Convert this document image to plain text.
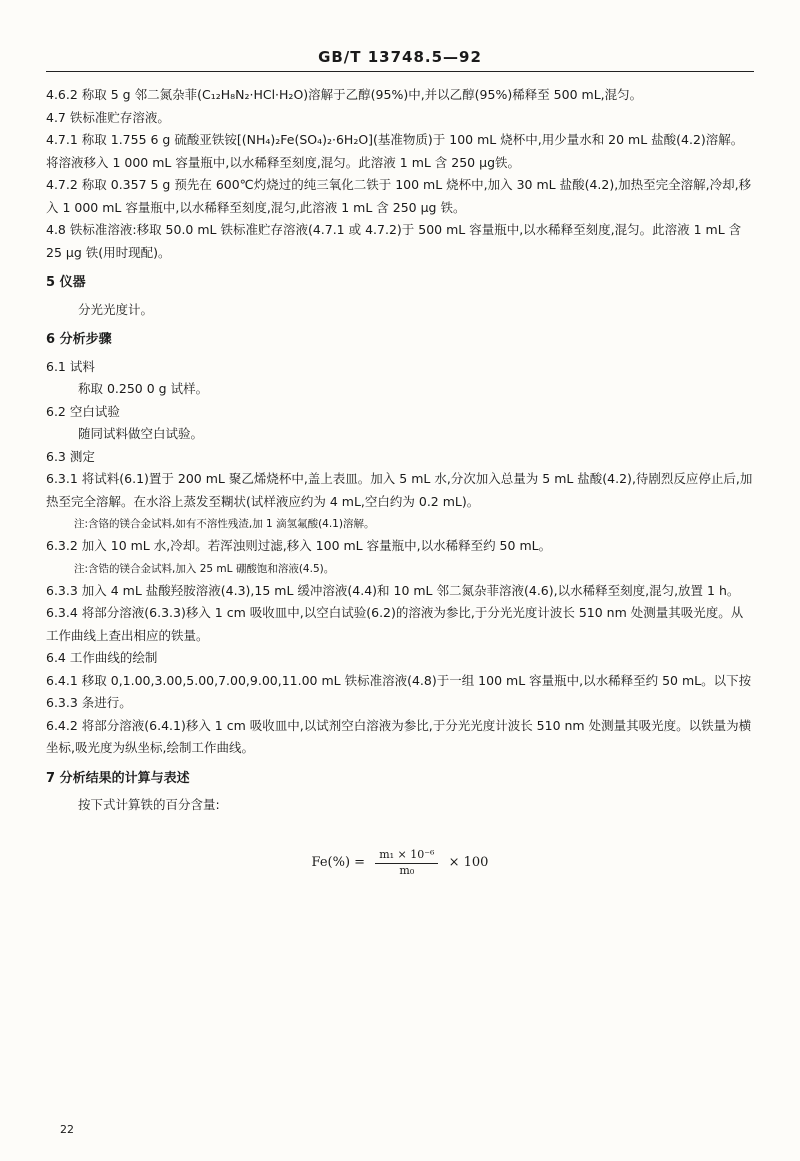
GB/T 13748.5—92

4.6.2 称取 5 g 邻二氮杂菲(C₁₂H₈N₂·HCl·H₂O)溶解于乙醇(95%)中,并以乙醇(95%)稀释至 500 mL,混匀。

4.7 铁标准贮存溶液。

4.7.1 称取 1.755 6 g 硫酸亚铁铵[(NH₄)₂Fe(SO₄)₂·6H₂O](基准物质)于 100 mL 烧杯中,用少量水和 20 mL 盐酸(4.2)溶解。将溶液移入 1 000 mL 容量瓶中,以水稀释至刻度,混匀。此溶液 1 mL 含 250 μg铁。

4.7.2 称取 0.357 5 g 预先在 600℃灼烧过的纯三氧化二铁于 100 mL 烧杯中,加入 30 mL 盐酸(4.2),加热至完全溶解,冷却,移入 1 000 mL 容量瓶中,以水稀释至刻度,混匀,此溶液 1 mL 含 250 μg 铁。

4.8 铁标准溶液:移取 50.0 mL 铁标准贮存溶液(4.7.1 或 4.7.2)于 500 mL 容量瓶中,以水稀释至刻度,混匀。此溶液 1 mL 含 25 μg 铁(用时现配)。

5 仪器

分光光度计。

6 分析步骤

6.1 试料

称取 0.250 0 g 试样。

6.2 空白试验

随同试料做空白试验。

6.3 测定

6.3.1 将试料(6.1)置于 200 mL 聚乙烯烧杯中,盖上表皿。加入 5 mL 水,分次加入总量为 5 mL 盐酸(4.2),待剧烈反应停止后,加热至完全溶解。在水浴上蒸发至糊状(试样液应约为 4 mL,空白约为 0.2 mL)。

注:含铬的镁合金试料,如有不溶性残渣,加 1 滴氢氟酸(4.1)溶解。

6.3.2 加入 10 mL 水,冷却。若浑浊则过滤,移入 100 mL 容量瓶中,以水稀释至约 50 mL。

注:含锆的镁合金试料,加入 25 mL 硼酸饱和溶液(4.5)。

6.3.3 加入 4 mL 盐酸羟胺溶液(4.3),15 mL 缓冲溶液(4.4)和 10 mL 邻二氮杂菲溶液(4.6),以水稀释至刻度,混匀,放置 1 h。

6.3.4 将部分溶液(6.3.3)移入 1 cm 吸收皿中,以空白试验(6.2)的溶液为参比,于分光光度计波长 510 nm 处测量其吸光度。从工作曲线上查出相应的铁量。

6.4 工作曲线的绘制

6.4.1 移取 0,1.00,3.00,5.00,7.00,9.00,11.00 mL 铁标准溶液(4.8)于一组 100 mL 容量瓶中,以水稀释至约 50 mL。以下按 6.3.3 条进行。

6.4.2 将部分溶液(6.4.1)移入 1 cm 吸收皿中,以试剂空白溶液为参比,于分光光度计波长 510 nm 处测量其吸光度。以铁量为横坐标,吸光度为纵坐标,绘制工作曲线。

7 分析结果的计算与表述

按下式计算铁的百分含量:

$Fe(\%) = \frac{\text{m₁ × 10⁻⁶}}{\text{m₀}} \times 100$
22
